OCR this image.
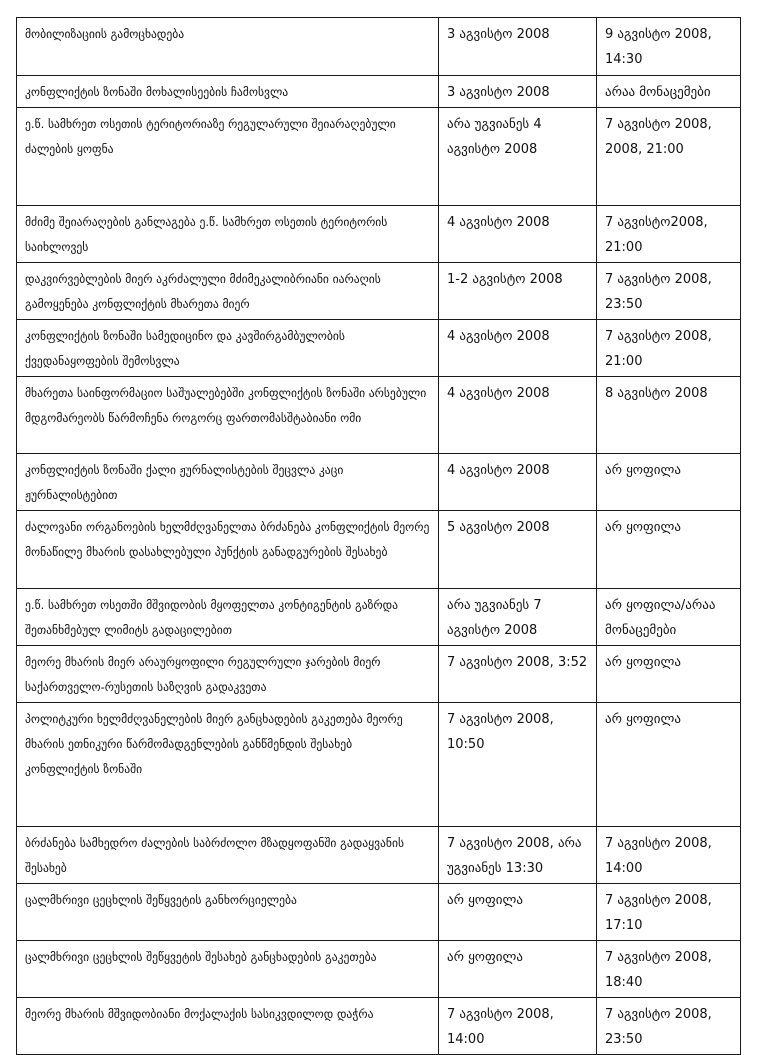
მობილიზაციის გამოცხადება	3 აგვისტო 2008	9 აგვისტო 2008, 14:30
კონფლიქტის ზონაში მოხალისეების ჩამოსვლა	3 აგვისტო 2008	არაა მონაცემები
ე.წ. სამხრეთ ოსეთის ტერიტორიაზე რეგულარული შეიარაღებული ძალების ყოფნა	არა უგვიანეს 4 აგვისტო 2008	7 აგვისტო 2008, 2008, 21:00
მძიმე შეიარაღების განლაგება ე.წ. სამხრეთ ოსეთის ტერიტორის საიხლოვეს	4 აგვისტო 2008	7 აგვისტო2008, 21:00
დაკვირვებლების მიერ აკრძალული მძიმეკალიბრიანი იარაღის გამოყენება კონფლიქტის მხარეთა მიერ	1-2 აგვისტო 2008	7 აგვისტო 2008, 23:50
კონფლიქტის ზონაში სამედიცინო და კავშირგამბულობის ქვედანაყოფების შემოსვლა	4 აგვისტო 2008	7 აგვისტო 2008, 21:00
მხარეთა საინფორმაციო საშუალებებში კონფლიქტის ზონაში არსებული მდგომარეობს წარმოჩენა როგორც ფართომასშტაბიანი ომი	4 აგვისტო 2008	8 აგვისტო 2008
კონფლიქტის ზონაში ქალი ჟურნალისტების შეცვლა კაცი ჟურნალისტებით	4 აგვისტო 2008	არ ყოფილა
ძალოვანი ორგანოების ხელმძღვანელთა ბრძანება კონფლიქტის მეორე მონაწილე მხარის დასახლებული პუნქტის განადგურების შესახებ	5 აგვისტო 2008	არ ყოფილა
ე.წ. სამხრეთ ოსეთში მშვიდობის მყოფელთა კონტიგენტის გაზრდა შეთანხმებულ ლიმიტს გადაცილებით	არა უგვიანეს 7 აგვისტო 2008	არ ყოფილა/არაა მონაცემები
მეორე მხარის მიერ არაურყოფილი რეგულრული ჯარების მიერ საქართველო-რუსეთის საზღვის გადაკვეთა	7 აგვისტო 2008, 3:52	არ ყოფილა
პოლიტკური ხელმძღვანელების მიერ განცხადების გაკეთება მეორე მხარის ეთნიკური წარმომადგენლების განწმენდის შესახებ კონფლიქტის ზონაში	7 აგვისტო 2008, 10:50	არ ყოფილა
ბრძანება სამხედრო ძალების საბრძოლო მზადყოფანში გადაყვანის შესახებ	7 აგვისტო 2008, არა უგვიანეს 13:30	7 აგვისტო 2008, 14:00
ცალმხრივი ცეცხლის შეწყვეტის განხორციელება	არ ყოფილა	7 აგვისტო 2008, 17:10
ცალმხრივი ცეცხლის შეწყვეტის შესახებ განცხადების გაკეთება	არ ყოფილა	7 აგვისტო 2008, 18:40
მეორე მხარის მშვიდობიანი მოქალაქის სასიკვდილოდ დაჭრა	7 აგვისტო 2008, 14:00	7 აგვისტო 2008, 23:50
